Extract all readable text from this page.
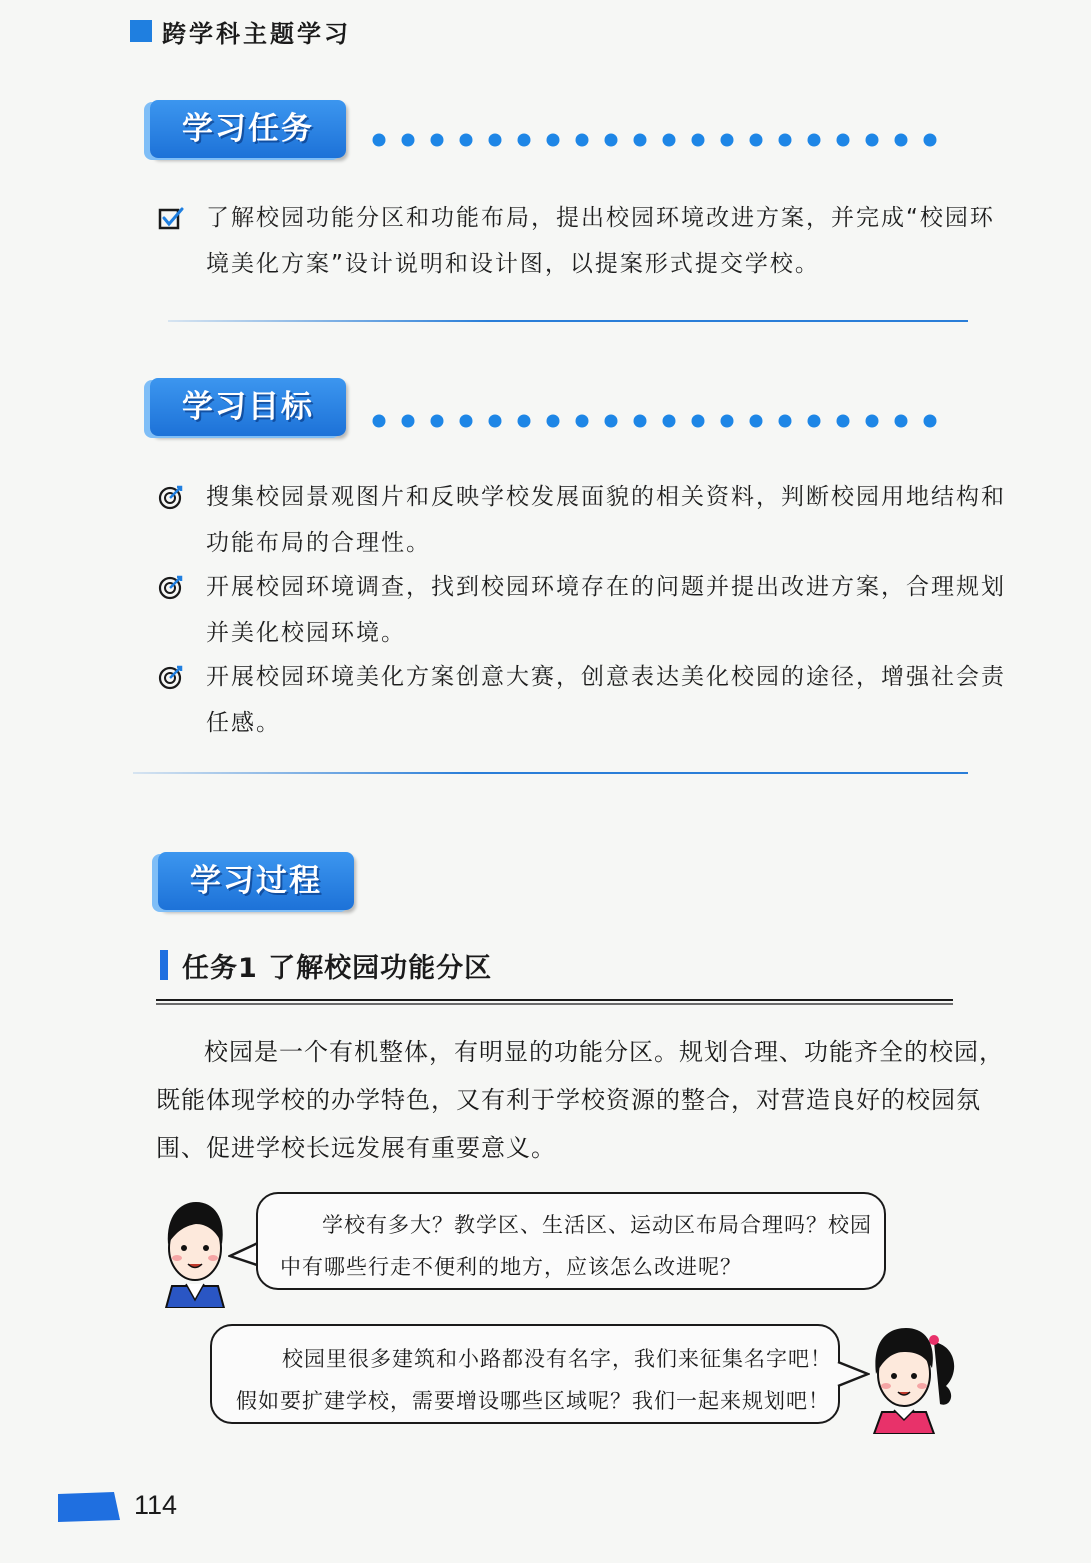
跨学科主题学习
学习任务
了解校园功能分区和功能布局，提出校园环境改进方案，并完成“校园环
境美化方案”设计说明和设计图，以提案形式提交学校。
学习目标
搜集校园景观图片和反映学校发展面貌的相关资料，判断校园用地结构和
功能布局的合理性。
开展校园环境调查，找到校园环境存在的问题并提出改进方案，合理规划
并美化校园环境。
开展校园环境美化方案创意大赛，创意表达美化校园的途径，增强社会责
任感。
学习过程
任务1 了解校园功能分区
校园是一个有机整体，有明显的功能分区。规划合理、功能齐全的校园，
既能体现学校的办学特色，又有利于学校资源的整合，对营造良好的校园氛
围、促进学校长远发展有重要意义。
学校有多大？教学区、生活区、运动区布局合理吗？校园
中有哪些行走不便利的地方，应该怎么改进呢？
校园里很多建筑和小路都没有名字，我们来征集名字吧！
假如要扩建学校，需要增设哪些区域呢？我们一起来规划吧！
114
